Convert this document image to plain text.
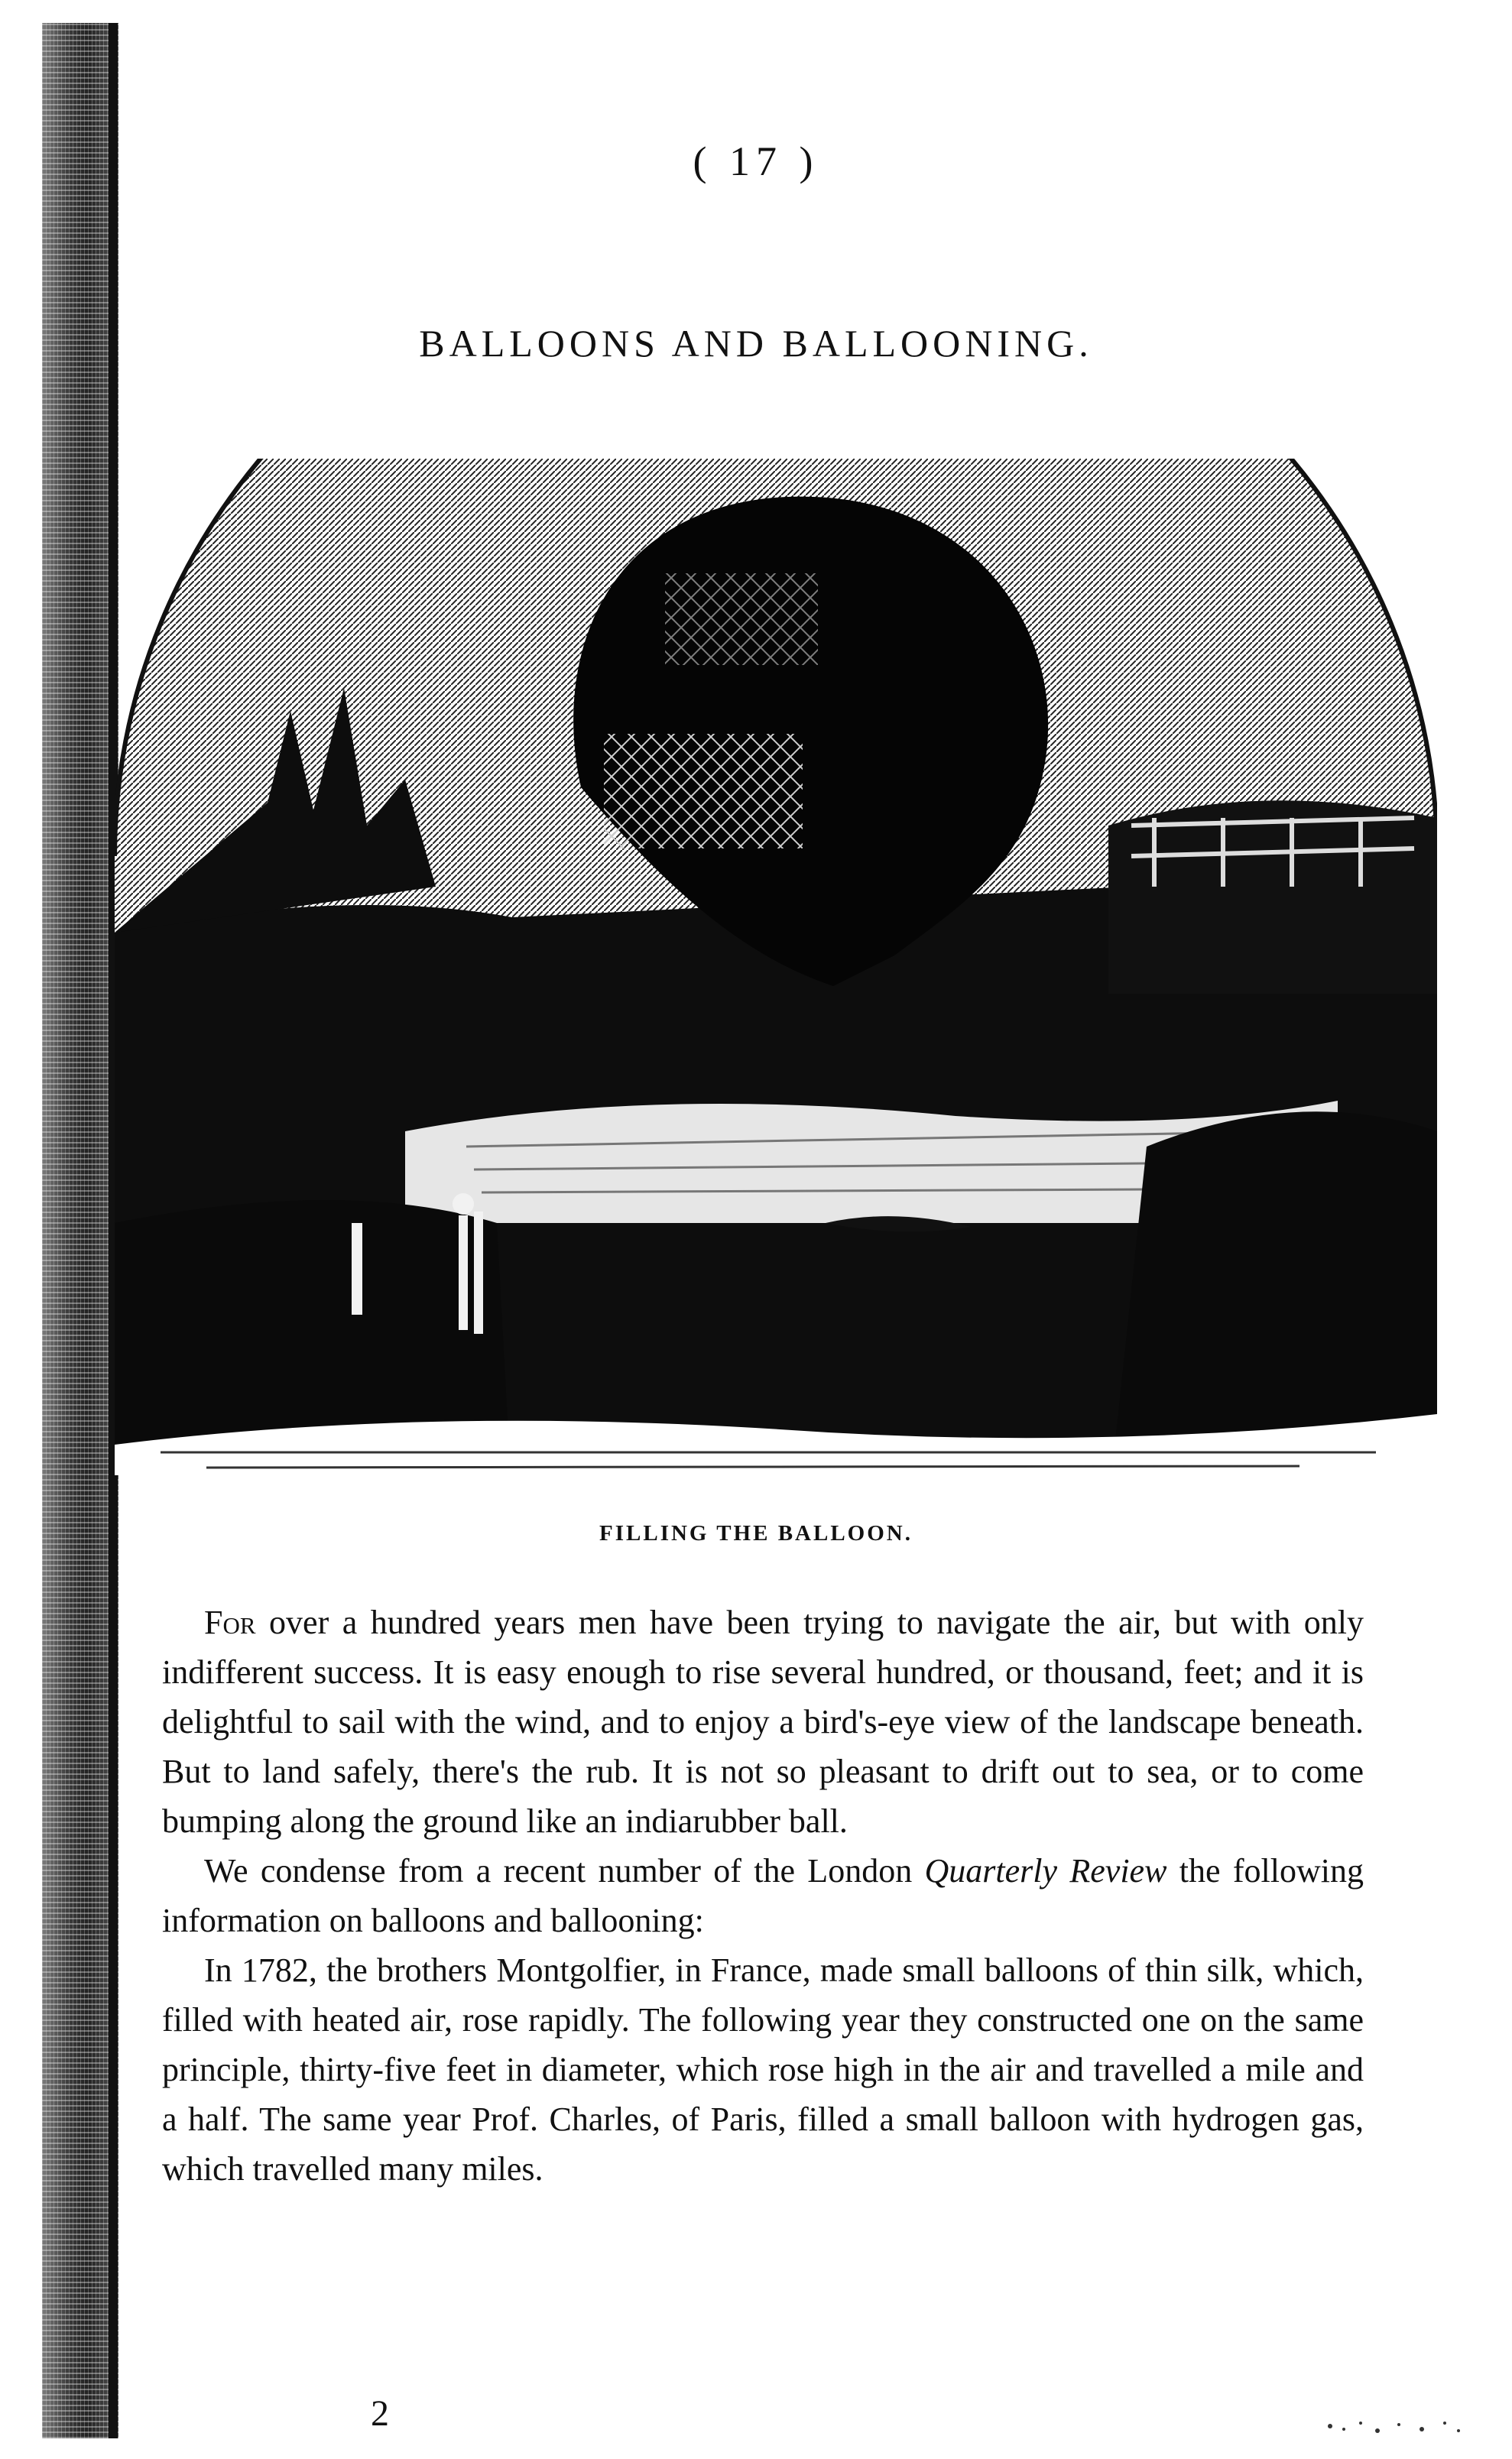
( 17 )
BALLOONS AND BALLOONING.
FILLING THE BALLOON.

For over a hundred years men have been trying to navigate the air, but with only indifferent success. It is easy enough to rise several hundred, or thousand, feet; and it is delightful to sail with the wind, and to enjoy a bird's-eye view of the landscape beneath. But to land safely, there's the rub. It is not so pleasant to drift out to sea, or to come bumping along the ground like an indiarubber ball.

We condense from a recent number of the London Quarterly Review the following information on balloons and ballooning:

In 1782, the brothers Montgolfier, in France, made small balloons of thin silk, which, filled with heated air, rose rapidly. The following year they constructed one on the same principle, thirty-five feet in diameter, which rose high in the air and travelled a mile and a half. The same year Prof. Charles, of Paris, filled a small balloon with hydrogen gas, which travelled many miles.

2
